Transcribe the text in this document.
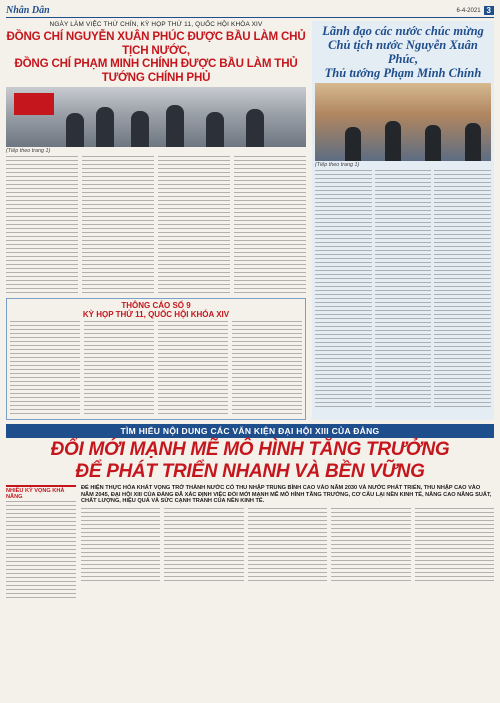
Nhân Dân	6-4-2021 3
NGÀY LÀM VIỆC THỨ CHÍN, KỲ HỌP THỨ 11, QUỐC HỘI KHÓA XIV
ĐỒNG CHÍ NGUYỄN XUÂN PHÚC ĐƯỢC BẦU LÀM CHỦ TỊCH NƯỚC,
ĐỒNG CHÍ PHẠM MINH CHÍNH ĐƯỢC BẦU LÀM THỦ TƯỚNG CHÍNH PHỦ
(Tiếp theo trang 1)
THÔNG CÁO SỐ 9
KỲ HỌP THỨ 11, QUỐC HỘI KHÓA XIV
Lãnh đạo các nước chúc mừng
Chủ tịch nước Nguyễn Xuân Phúc,
Thủ tướng Phạm Minh Chính
(Tiếp theo trang 1)
TÌM HIỂU NỘI DUNG CÁC VĂN KIỆN ĐẠI HỘI XIII CỦA ĐẢNG
ĐỔI MỚI MẠNH MẼ MÔ HÌNH TĂNG TRƯỞNG
ĐỂ PHÁT TRIỂN NHANH VÀ BỀN VỮNG
NHIỀU KỲ VỌNG KHẢ NĂNG
ĐỂ HIỆN THỰC HÓA KHÁT VỌNG TRỞ THÀNH NƯỚC CÓ THU NHẬP TRUNG BÌNH CAO VÀO NĂM 2030 VÀ NƯỚC PHÁT TRIỂN, THU NHẬP CAO VÀO NĂM 2045, ĐẠI HỘI XIII CỦA ĐẢNG ĐÃ XÁC ĐỊNH VIỆC ĐỔI MỚI MẠNH MẼ MÔ HÌNH TĂNG TRƯỞNG, CƠ CẤU LẠI NỀN KINH TẾ, NÂNG CAO NĂNG SUẤT, CHẤT LƯỢNG, HIỆU QUẢ VÀ SỨC CẠNH TRANH CỦA NỀN KINH TẾ.
